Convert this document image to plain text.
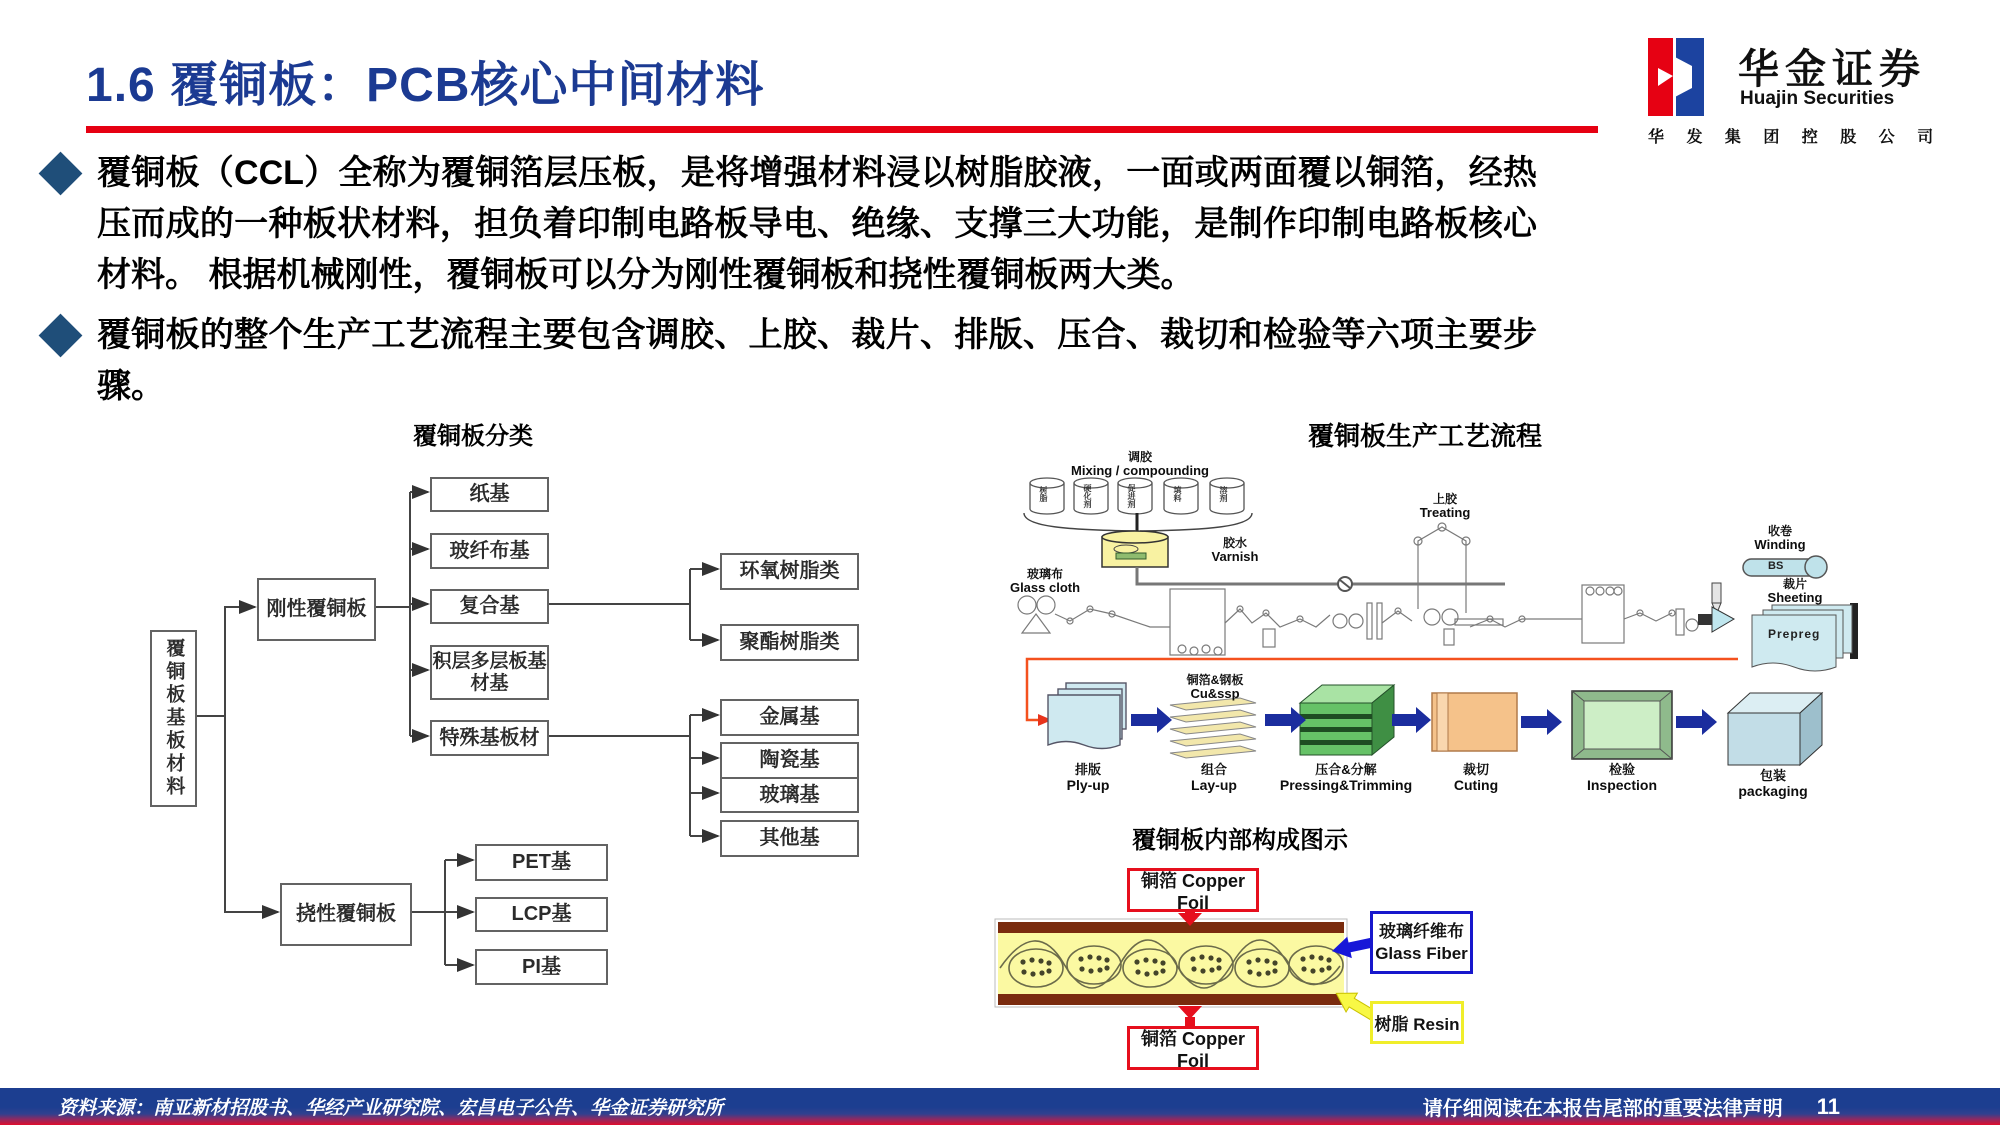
1.6 覆铜板：PCB核心中间材料	华金证券
Huajin Securities
华 发 集 团 控 股 公 司
覆铜板（CCL）全称为覆铜箔层压板，是将增强材料浸以树脂胶液，一面或两面覆以铜箔，经热压而成的一种板状材料，担负着印制电路板导电、绝缘、支撑三大功能，是制作印制电路板核心材料。 根据机械刚性，覆铜板可以分为刚性覆铜板和挠性覆铜板两大类。
覆铜板的整个生产工艺流程主要包含调胶、上胶、裁片、排版、压合、裁切和检验等六项主要步骤。
覆铜板分类
覆铜板基板材料
刚性覆铜板
挠性覆铜板
纸基
玻纤布基
复合基
积层多层板基材基
特殊基板材
环氧树脂类
聚酯树脂类
金属基
陶瓷基
玻璃基
其他基
PET基
LCP基
PI基
覆铜板生产工艺流程
调胶
Mixing / compounding
树脂	硬化剂	促进剂	填料	溶剂
胶水
Varnish
玻璃布
Glass cloth
上胶
Treating
收卷
Winding
BS
裁片
Sheeting
Prepreg
铜箔&钢板
Cu&ssp
排版
Ply-up
组合
Lay-up
压合&分解
Pressing&Trimming
裁切
Cuting
检验
Inspection
包装
packaging
覆铜板内部构成图示
铜箔 Copper Foil
玻璃纤维布
Glass Fiber
树脂 Resin
铜箔 Copper Foil
资料来源：南亚新材招股书、华经产业研究院、宏昌电子公告、华金证券研究所	请仔细阅读在本报告尾部的重要法律声明 11
